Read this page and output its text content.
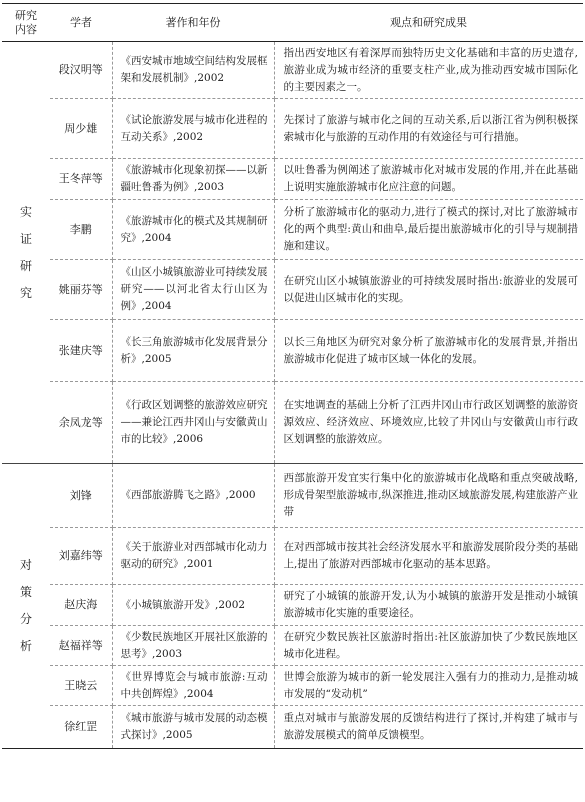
研究
内容	学者	著作和年份	观点和研究成果

实
证
研
究	段汉明等	《西安城市地域空间结构发展框架和发展机制》,2002	指出西安地区有着深厚而独特历史文化基础和丰富的历史遗存,旅游业成为城市经济的重要支柱产业,成为推动西安城市国际化的主要因素之一。
	周少雄	《试论旅游发展与城市化进程的互动关系》,2002	先探讨了旅游与城市化之间的互动关系,后以浙江省为例积极探索城市化与旅游的互动作用的有效途径与可行措施。
	王冬萍等	《旅游城市化现象初探——以新疆吐鲁番为例》,2003	以吐鲁番为例阐述了旅游城市化对城市发展的作用,并在此基础上说明实施旅游城市化应注意的问题。
	李鹏	《旅游城市化的模式及其规制研究》,2004	分析了旅游城市化的驱动力,进行了模式的探讨,对比了旅游城市化的两个典型:黄山和曲阜,最后提出旅游城市化的引导与规制措施和建议。
	姚丽芬等	《山区小城镇旅游业可持续发展研究——以河北省太行山区为例》,2004	在研究山区小城镇旅游业的可持续发展时指出:旅游业的发展可以促进山区城市化的实现。
	张建庆等	《长三角旅游城市化发展背景分析》,2005	以长三角地区为研究对象分析了旅游城市化的发展背景,并指出旅游城市化促进了城市区域一体化的发展。
	余凤龙等	《行政区划调整的旅游效应研究——兼论江西井冈山与安徽黄山市的比较》,2006	在实地调查的基础上分析了江西井冈山市行政区划调整的旅游资源效应、经济效应、环境效应,比较了井冈山与安徽黄山市行政区划调整的旅游效应。

对
策
分
析	刘锋	《西部旅游腾飞之路》,2000	西部旅游开发宜实行集中化的旅游城市化战略和重点突破战略,形成骨架型旅游城市,纵深推进,推动区域旅游发展,构建旅游产业带
	刘嘉纬等	《关于旅游业对西部城市化动力驱动的研究》,2001	在对西部城市按其社会经济发展水平和旅游发展阶段分类的基础上,提出了旅游对西部城市化驱动的基本思路。
	赵庆海	《小城镇旅游开发》,2002	研究了小城镇的旅游开发,认为小城镇的旅游开发是推动小城镇旅游城市化实施的重要途径。
	赵福祥等	《少数民族地区开展社区旅游的思考》,2003	在研究少数民族社区旅游时指出:社区旅游加快了少数民族地区城市化进程。
	王晓云	《世界博览会与城市旅游:互动中共创辉煌》,2004	世博会旅游为城市的新一轮发展注入强有力的推动力,是推动城市发展的“发动机”
	徐红罡	《城市旅游与城市发展的动态模式探讨》,2005	重点对城市与旅游发展的反馈结构进行了探讨,并构建了城市与旅游发展模式的简单反馈模型。
